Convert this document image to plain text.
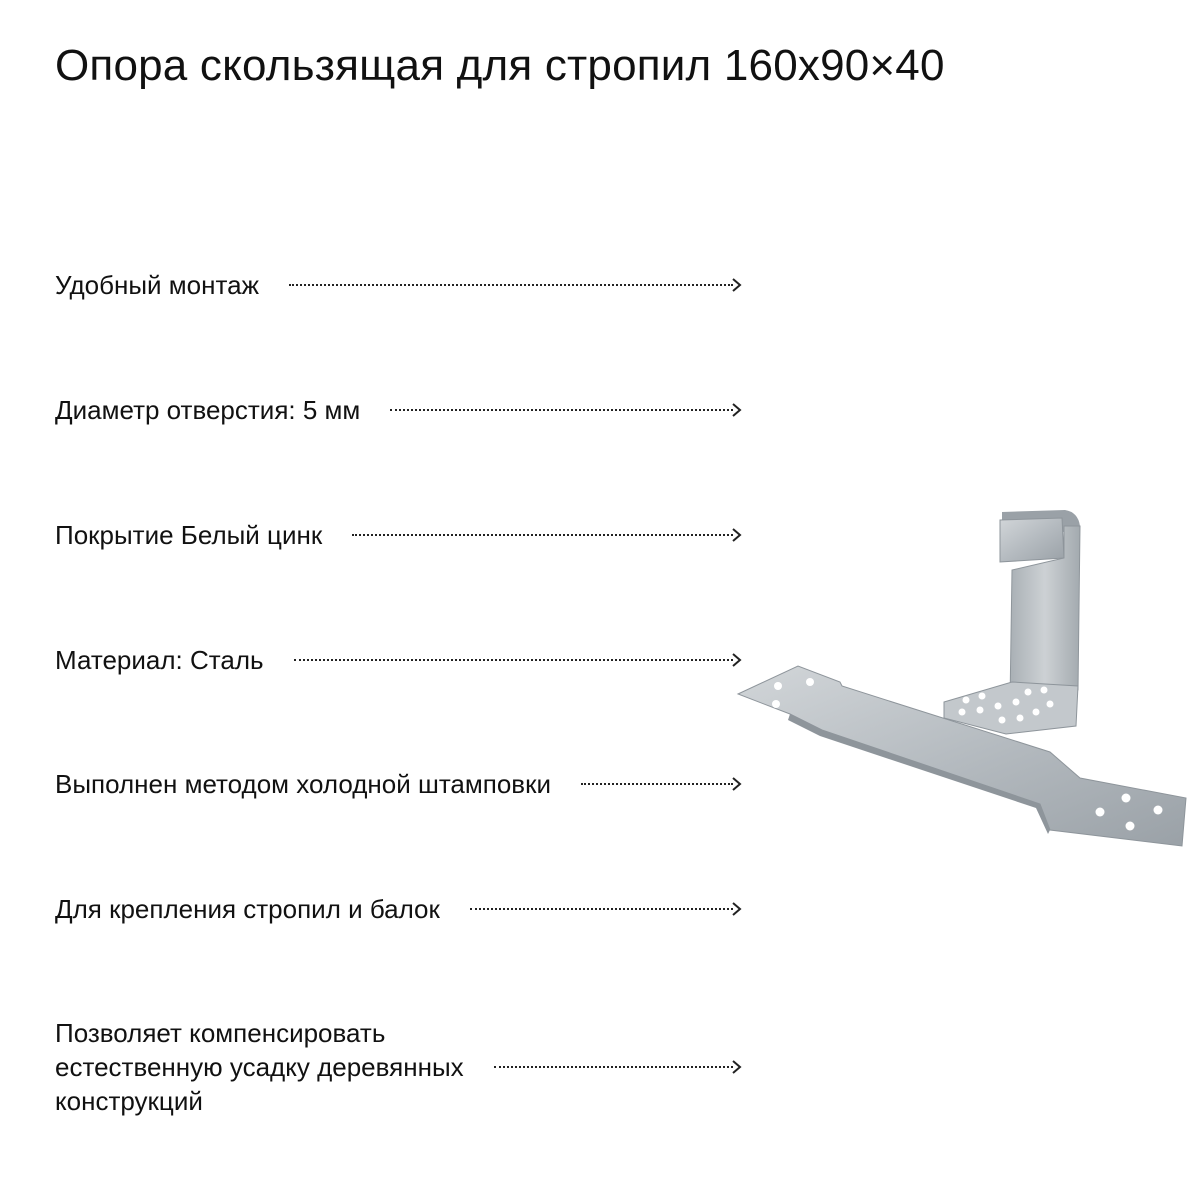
Опора скользящая для стропил 160х90×40
Удобный монтаж
Диаметр отверстия: 5 мм
Покрытие Белый цинк
Материал: Сталь
Выполнен методом холодной штамповки
Для крепления стропил и балок
Позволяет компенсировать
естественную усадку деревянных
конструкций
